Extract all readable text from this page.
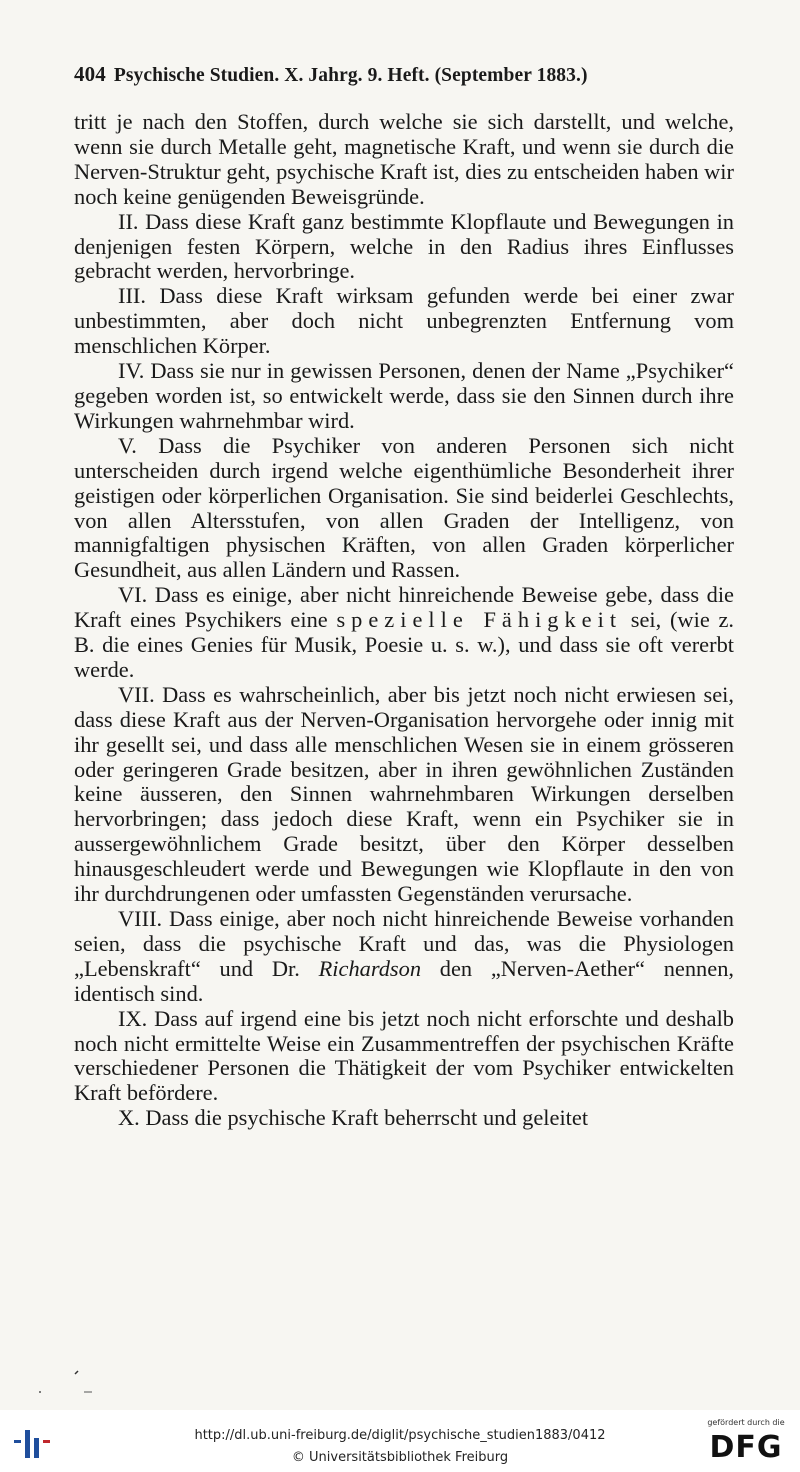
404 Psychische Studien. X. Jahrg. 9. Heft. (September 1883.)

tritt je nach den Stoffen, durch welche sie sich darstellt, und welche, wenn sie durch Metalle geht, magnetische Kraft, und wenn sie durch die Nerven-Struktur geht, psychische Kraft ist, dies zu entscheiden haben wir noch keine genügenden Beweisgründe.

II. Dass diese Kraft ganz bestimmte Klopflaute und Bewegungen in denjenigen festen Körpern, welche in den Radius ihres Einflusses gebracht werden, hervorbringe.

III. Dass diese Kraft wirksam gefunden werde bei einer zwar unbestimmten, aber doch nicht unbegrenzten Entfernung vom menschlichen Körper.

IV. Dass sie nur in gewissen Personen, denen der Name „Psychiker“ gegeben worden ist, so entwickelt werde, dass sie den Sinnen durch ihre Wirkungen wahrnehmbar wird.

V. Dass die Psychiker von anderen Personen sich nicht unterscheiden durch irgend welche eigenthümliche Besonderheit ihrer geistigen oder körperlichen Organisation. Sie sind beiderlei Geschlechts, von allen Altersstufen, von allen Graden der Intelligenz, von mannigfaltigen physischen Kräften, von allen Graden körperlicher Gesundheit, aus allen Ländern und Rassen.

VI. Dass es einige, aber nicht hinreichende Beweise gebe, dass die Kraft eines Psychikers eine spezielle Fähigkeit sei, (wie z. B. die eines Genies für Musik, Poesie u. s. w.), und dass sie oft vererbt werde.

VII. Dass es wahrscheinlich, aber bis jetzt noch nicht erwiesen sei, dass diese Kraft aus der Nerven-Organisation hervorgehe oder innig mit ihr gesellt sei, und dass alle menschlichen Wesen sie in einem grösseren oder geringeren Grade besitzen, aber in ihren gewöhnlichen Zuständen keine äusseren, den Sinnen wahrnehmbaren Wirkungen derselben hervorbringen; dass jedoch diese Kraft, wenn ein Psychiker sie in aussergewöhnlichem Grade besitzt, über den Körper desselben hinausgeschleudert werde und Bewegungen wie Klopflaute in den von ihr durchdrungenen oder umfassten Gegenständen verursache.

VIII. Dass einige, aber noch nicht hinreichende Beweise vorhanden seien, dass die psychische Kraft und das, was die Physiologen „Lebenskraft“ und Dr. Richardson den „Nerven-Aether“ nennen, identisch sind.

IX. Dass auf irgend eine bis jetzt noch nicht erforschte und deshalb noch nicht ermittelte Weise ein Zusammentreffen der psychischen Kräfte verschiedener Personen die Thätigkeit der vom Psychiker entwickelten Kraft befördere.

X. Dass die psychische Kraft beherrscht und geleitet

http://dl.ub.uni-freiburg.de/diglit/psychische_studien1883/0412
© Universitätsbibliothek Freiburg
gefördert durch die
DFG
